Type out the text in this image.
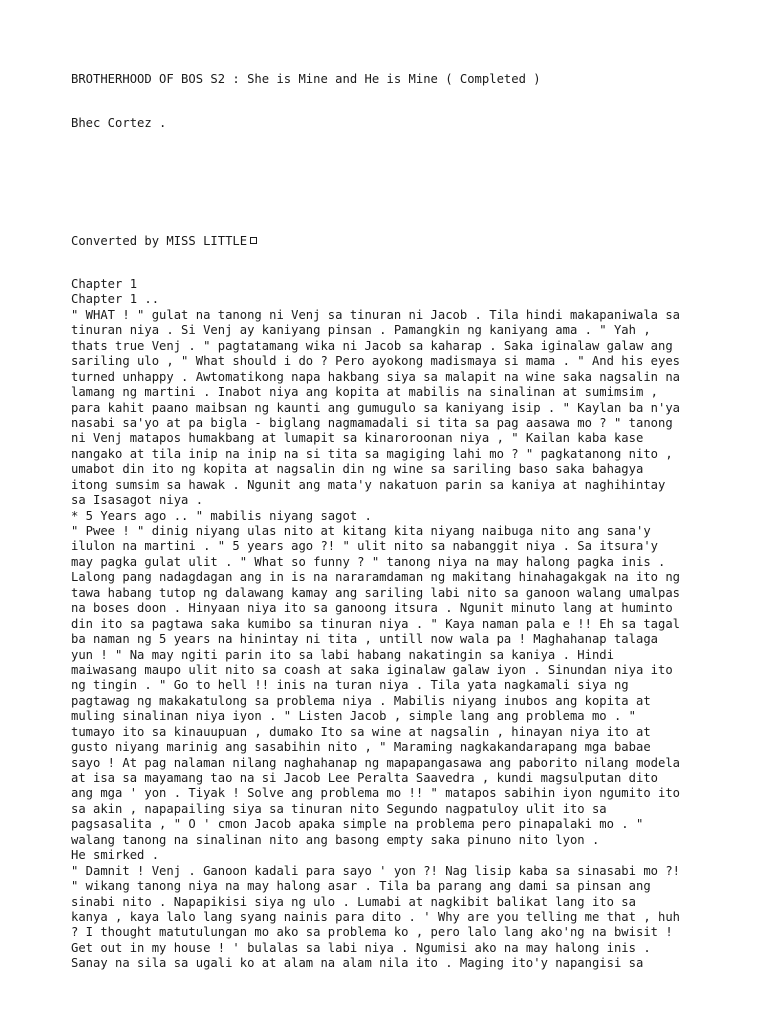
BROTHERHOOD OF BOS S2 : She is Mine and He is Mine ( Completed )
Bhec Cortez .
Converted by MISS LITTLE
Chapter 1
Chapter 1 ..
" WHAT ! " gulat na tanong ni Venj sa tinuran ni Jacob . Tila hindi makapaniwala sa
tinuran niya . Si Venj ay kaniyang pinsan . Pamangkin ng kaniyang ama . " Yah ,
thats true Venj . " pagtatamang wika ni Jacob sa kaharap . Saka iginalaw galaw ang
sariling ulo , " What should i do ? Pero ayokong madismaya si mama . " And his eyes
turned unhappy . Awtomatikong napa hakbang siya sa malapit na wine saka nagsalin na
lamang ng martini . Inabot niya ang kopita at mabilis na sinalinan at sumimsim ,
para kahit paano maibsan ng kaunti ang gumugulo sa kaniyang isip . " Kaylan ba n'ya
nasabi sa'yo at pa bigla - biglang nagmamadali si tita sa pag aasawa mo ? " tanong
ni Venj matapos humakbang at lumapit sa kinaroroonan niya , " Kailan kaba kase
nangako at tila inip na inip na si tita sa magiging lahi mo ? " pagkatanong nito ,
umabot din ito ng kopita at nagsalin din ng wine sa sariling baso saka bahagya
itong sumsim sa hawak . Ngunit ang mata'y nakatuon parin sa kaniya at naghihintay
sa Isasagot niya .
* 5 Years ago .. " mabilis niyang sagot .
" Pwee ! " dinig niyang ulas nito at kitang kita niyang naibuga nito ang sana'y
ilulon na martini . " 5 years ago ?! " ulit nito sa nabanggit niya . Sa itsura'y
may pagka gulat ulit . " What so funny ? " tanong niya na may halong pagka inis .
Lalong pang nadagdagan ang in is na nararamdaman ng makitang hinahagakgak na ito ng
tawa habang tutop ng dalawang kamay ang sariling labi nito sa ganoon walang umalpas
na boses doon . Hinyaan niya ito sa ganoong itsura . Ngunit minuto lang at huminto
din ito sa pagtawa saka kumibo sa tinuran niya . " Kaya naman pala e !! Eh sa tagal
ba naman ng 5 years na hinintay ni tita , untill now wala pa ! Maghahanap talaga
yun ! " Na may ngiti parin ito sa labi habang nakatingin sa kaniya . Hindi
maiwasang maupo ulit nito sa coash at saka iginalaw galaw iyon . Sinundan niya ito
ng tingin . " Go to hell !! inis na turan niya . Tila yata nagkamali siya ng
pagtawag ng makakatulong sa problema niya . Mabilis niyang inubos ang kopita at
muling sinalinan niya iyon . " Listen Jacob , simple lang ang problema mo . "
tumayo ito sa kinauupuan , dumako Ito sa wine at nagsalin , hinayan niya ito at
gusto niyang marinig ang sasabihin nito , " Maraming nagkakandarapang mga babae
sayo ! At pag nalaman nilang naghahanap ng mapapangasawa ang paborito nilang modela
at isa sa mayamang tao na si Jacob Lee Peralta Saavedra , kundi magsulputan dito
ang mga ' yon . Tiyak ! Solve ang problema mo !! " matapos sabihin iyon ngumito ito
sa akin , napapailing siya sa tinuran nito Segundo nagpatuloy ulit ito sa
pagsasalita , " O ' cmon Jacob apaka simple na problema pero pinapalaki mo . "
walang tanong na sinalinan nito ang basong empty saka pinuno nito lyon .
He smirked .
" Damnit ! Venj . Ganoon kadali para sayo ' yon ?! Nag lisip kaba sa sinasabi mo ?!
" wikang tanong niya na may halong asar . Tila ba parang ang dami sa pinsan ang
sinabi nito . Napapikisi siya ng ulo . Lumabi at nagkibit balikat lang ito sa
kanya , kaya lalo lang syang nainis para dito . ' Why are you telling me that , huh
? I thought matutulungan mo ako sa problema ko , pero lalo lang ako'ng na bwisit !
Get out in my house ! ' bulalas sa labi niya . Ngumisi ako na may halong inis .
Sanay na sila sa ugali ko at alam na alam nila ito . Maging ito'y napangisi sa
